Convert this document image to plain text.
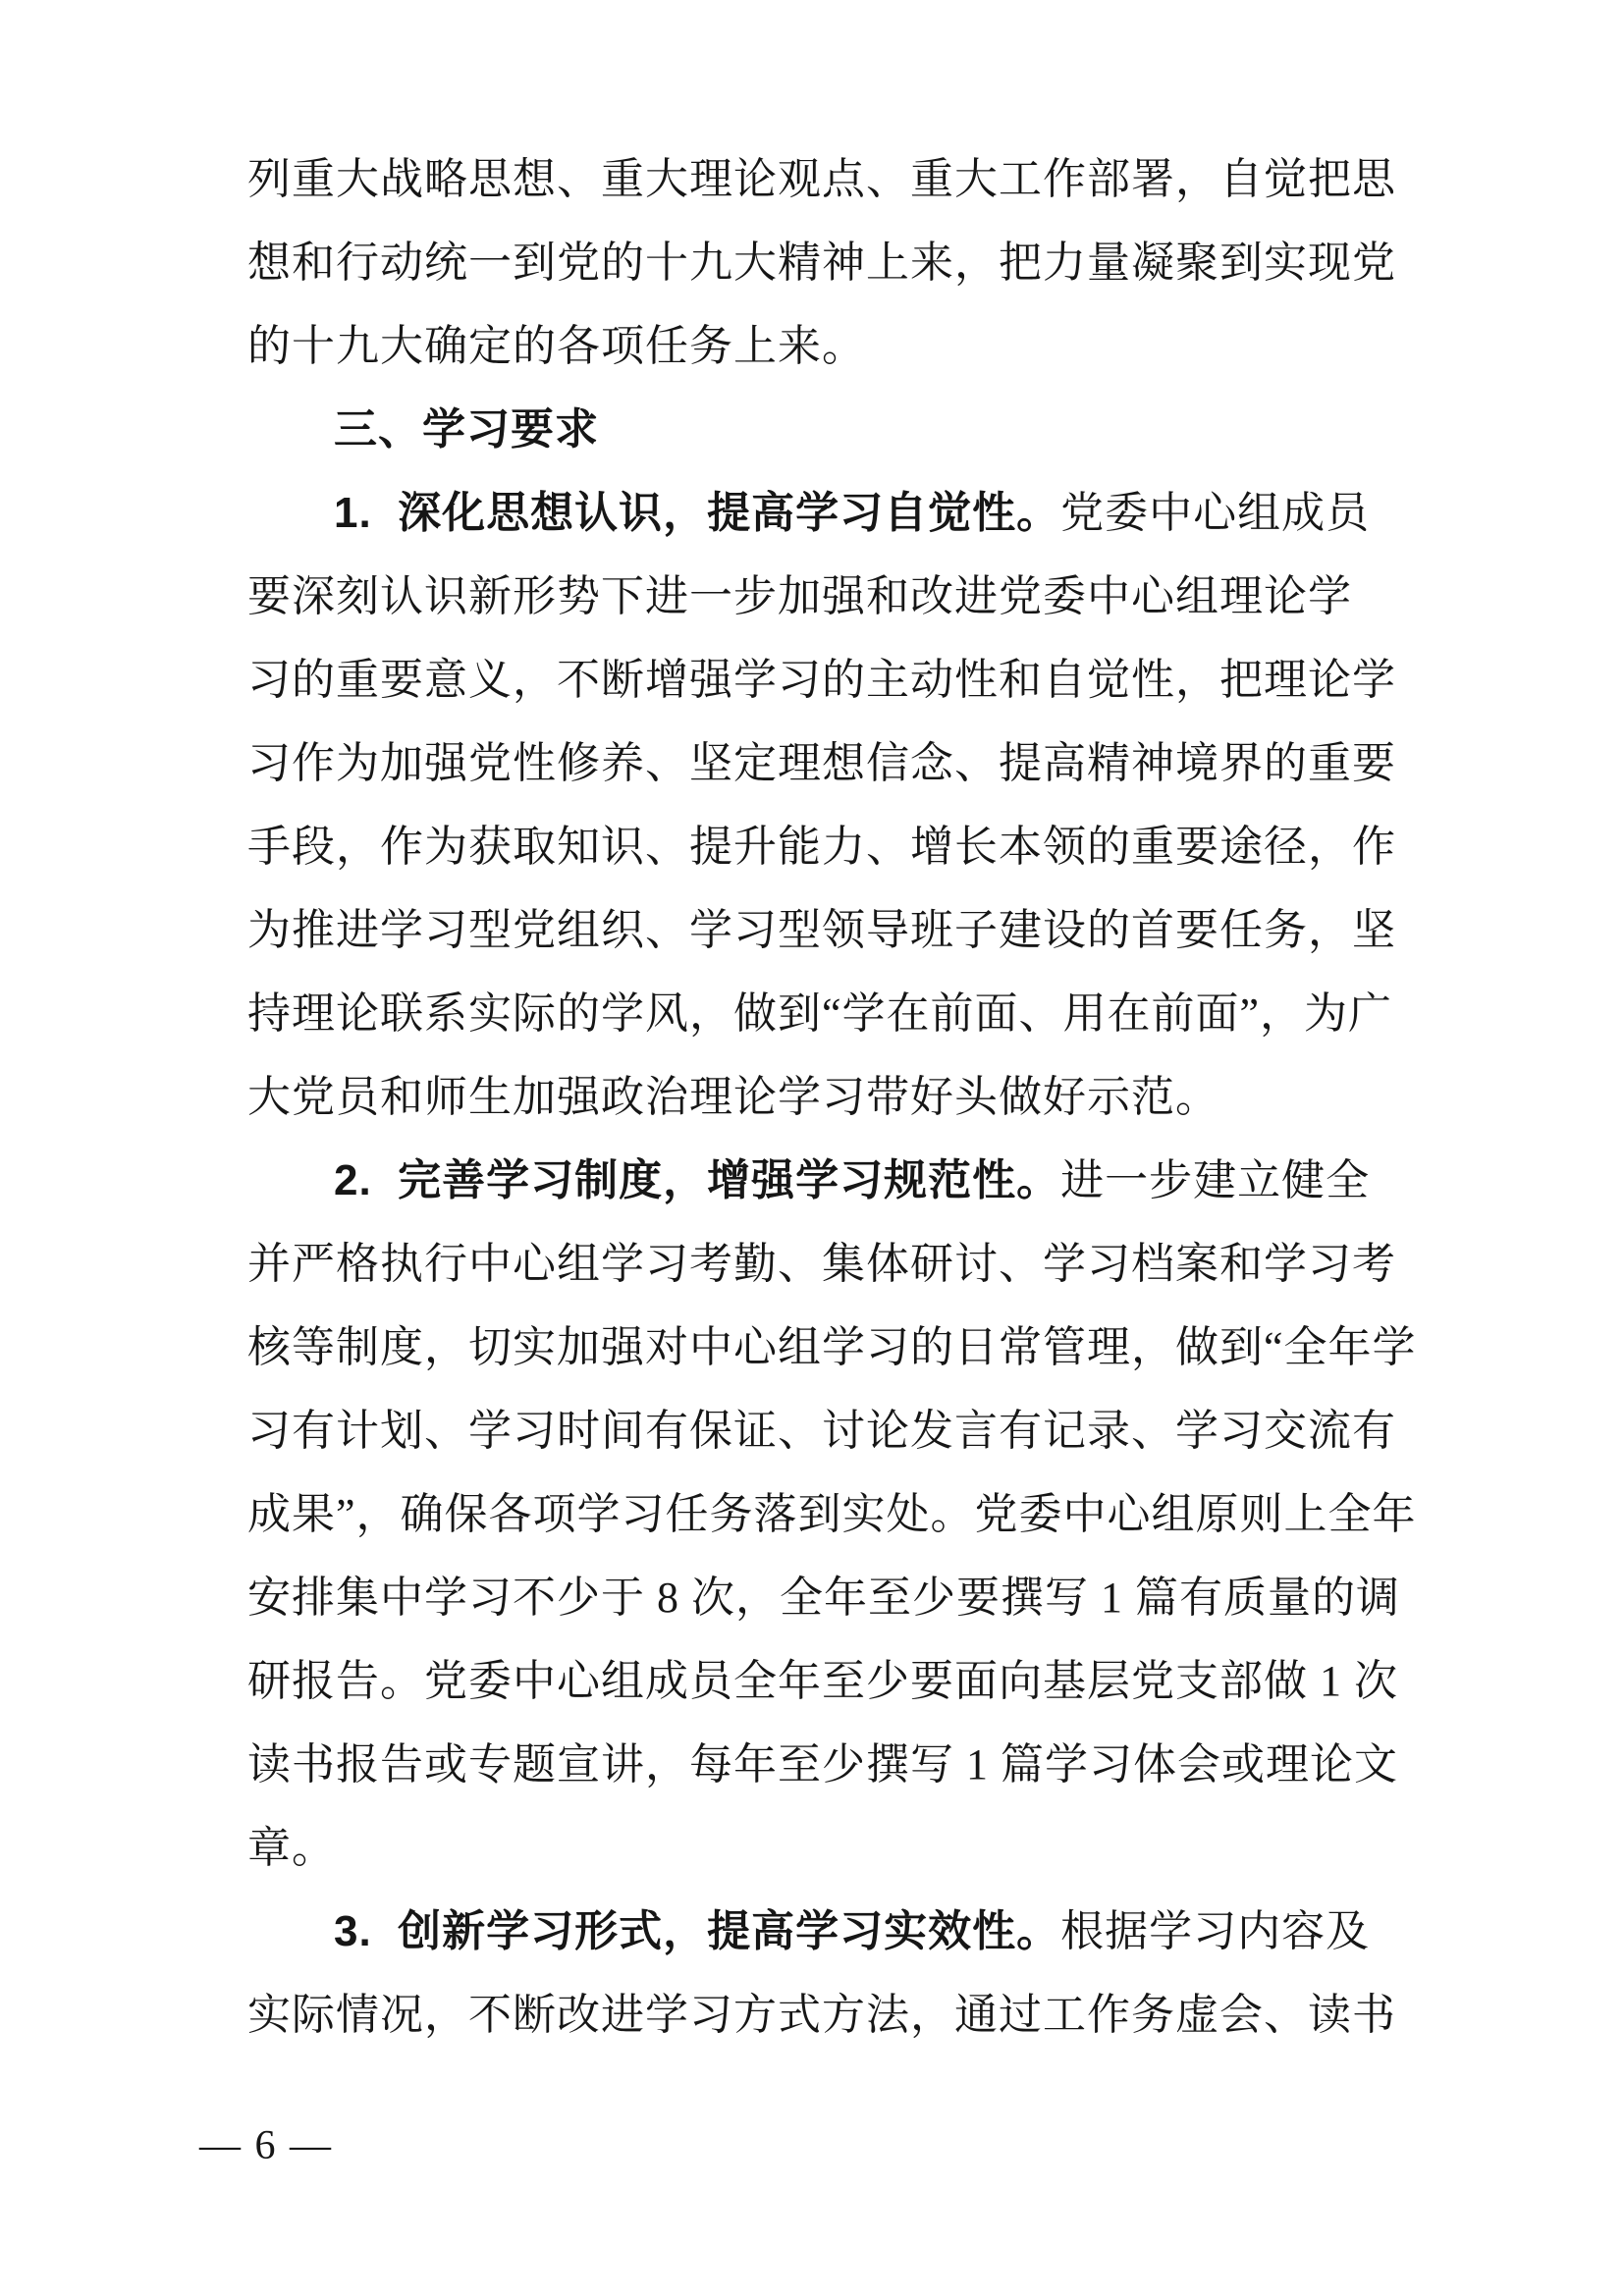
列重大战略思想、重大理论观点、重大工作部署，自觉把思
想和行动统一到党的十九大精神上来，把力量凝聚到实现党
的十九大确定的各项任务上来。
三、学习要求
1.  深化思想认识，提高学习自觉性。党委中心组成员
要深刻认识新形势下进一步加强和改进党委中心组理论学
习的重要意义，不断增强学习的主动性和自觉性，把理论学
习作为加强党性修养、坚定理想信念、提高精神境界的重要
手段，作为获取知识、提升能力、增长本领的重要途径，作
为推进学习型党组织、学习型领导班子建设的首要任务，坚
持理论联系实际的学风，做到“学在前面、用在前面”，为广
大党员和师生加强政治理论学习带好头做好示范。
2.  完善学习制度，增强学习规范性。进一步建立健全
并严格执行中心组学习考勤、集体研讨、学习档案和学习考
核等制度，切实加强对中心组学习的日常管理，做到“全年学
习有计划、学习时间有保证、讨论发言有记录、学习交流有
成果”，确保各项学习任务落到实处。党委中心组原则上全年
安排集中学习不少于 8 次，全年至少要撰写 1 篇有质量的调
研报告。党委中心组成员全年至少要面向基层党支部做 1 次
读书报告或专题宣讲，每年至少撰写 1 篇学习体会或理论文
章。
3.  创新学习形式，提高学习实效性。根据学习内容及
实际情况，不断改进学习方式方法，通过工作务虚会、读书
— 6 —
